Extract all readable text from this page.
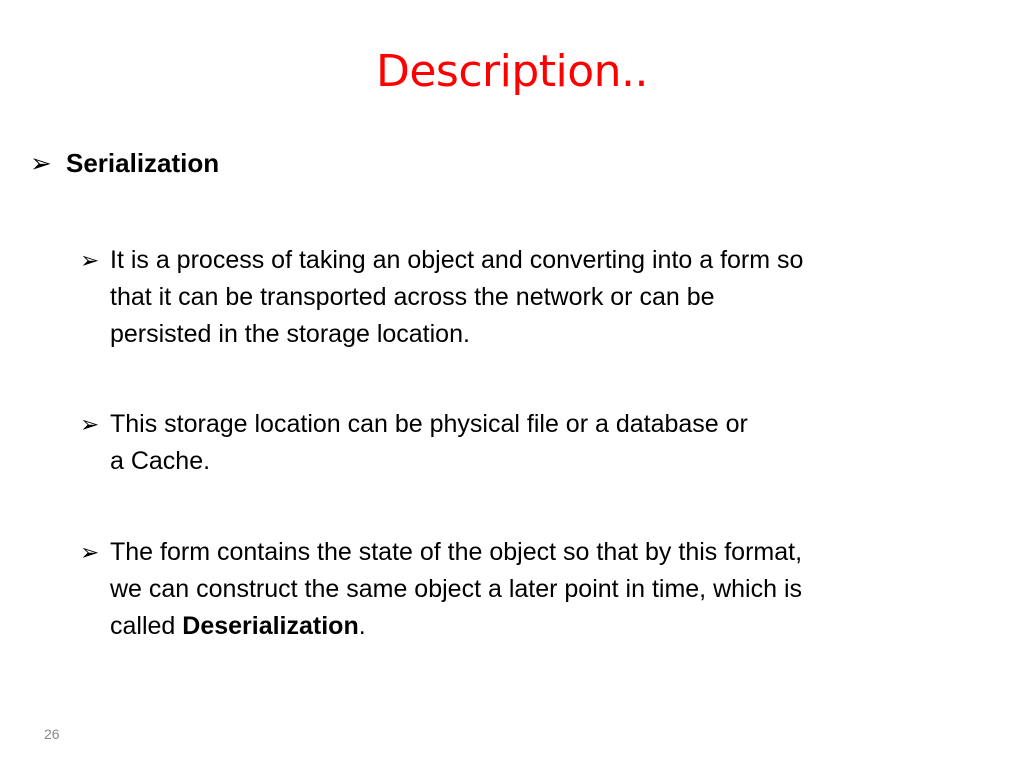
Description..
➢ Serialization
➢ It is a process of taking an object and converting into a form so
that it can be transported across the network or can be
persisted in the storage location.
➢ This storage location can be physical file or a database or
a Cache.
➢ The form contains the state of the object so that by this format,
we can construct the same object a later point in time, which is
called Deserialization.
26
